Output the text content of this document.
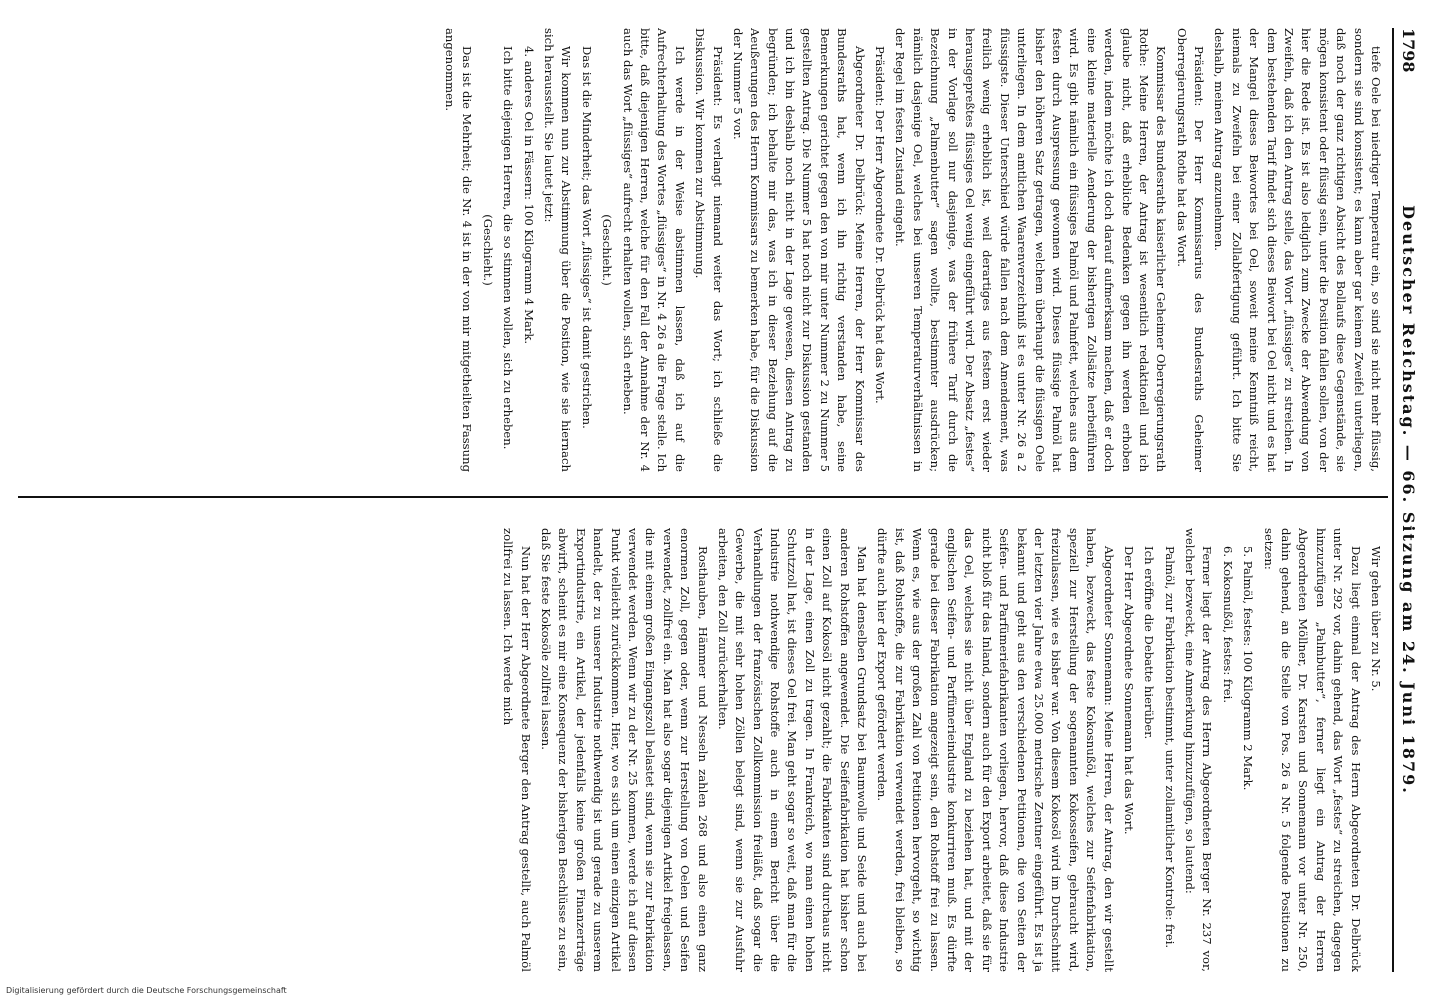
1798
Deutscher Reichstag. — 66. Sitzung am 24. Juni 1879.

tiefe Oele bei niedriger Temperatur ein, so sind sie nicht mehr flüssig, sondern sie sind konsistent; es kann aber gar keinem Zweifel unterliegen, daß noch der ganz richtigen Absicht des Bollaufs diese Gegenstände, sie mögen konsistent oder flüssig sein, unter die Position fallen sollen, von der hier die Rede ist. Es ist also lediglich zum Zwecke der Abwendung von Zweifeln, daß ich den Antrag stelle, das Wort „flüssiges“ zu streichen. In dem bestehenden Tarif findet sich dieses Beiwort bei Oel nicht und es hat der Mangel dieses Beiwortes bei Oel, soweit meine Kenntniß reicht, niemals zu Zweifeln bei einer Zollabfertigung geführt. Ich bitte Sie deshalb, meinen Antrag anzunehmen.

Präsident: Der Herr Kommissarius des Bundesraths Geheimer Oberregierungsrath Rothe hat das Wort.

Kommissar des Bundesraths kaiserlicher Geheimer Oberregierungsrath Rothe: Meine Herren, der Antrag ist wesentlich redaktionell und ich glaube nicht, daß erhebliche Bedenken gegen ihn werden erhoben werden, indem möchte ich doch darauf aufmerksam machen, daß er doch eine kleine materielle Aenderung der bisherigen Zollsätze herbeiführen wird. Es gibt nämlich ein flüssiges Palmöl und Palmfett, welches aus dem festen durch Auspressung gewonnen wird. Dieses flüssige Palmöl hat bisher den höheren Satz getragen, welchem überhaupt die flüssigen Oele unterliegen. In dem amtlichen Waarenverzeichniß ist es unter Nr. 26 a 2 flüssigste. Dieser Unterschied würde fallen nach dem Amendement, was freilich wenig erheblich ist, weil derartiges aus festem erst wieder herausgepreßtes flüssiges Oel wenig eingeführt wird. Der Absatz „festes“ in der Vorlage soll nur dasjenige, was der frühere Tarif durch die Bezeichnung „Palmenbutter“ sagen wollte, bestimmter ausdrücken; nämlich dasjenige Oel, welches bei unseren Temperaturverhältnissen in der Regel im festen Zustand eingeht.

Präsident: Der Herr Abgeordnete Dr. Delbrück hat das Wort.

Abgeordneter Dr. Delbrück: Meine Herren, der Herr Kommissar des Bundesraths hat, wenn ich ihn richtig verstanden habe, seine Bemerkungen gerichtet gegen den von mir unter Nummer 2 zu Nummer 5 gestellten Antrag. Die Nummer 5 hat noch nicht zur Diskussion gestanden und ich bin deshalb noch nicht in der Lage gewesen, diesen Antrag zu begründen; ich behalte mir das, was ich in dieser Beziehung auf die Aeußerungen des Herrn Kommissars zu bemerken habe, für die Diskussion der Nummer 5 vor.

Präsident: Es verlangt niemand weiter das Wort; ich schließe die Diskussion. Wir kommen zur Abstimmung.

Ich werde in der Weise abstimmen lassen, daß ich auf die Aufrechterhaltung des Wortes „flüssiges“ in Nr. 4 26 a die Frage stelle. Ich bitte, daß diejenigen Herren, welche für den Fall der Annahme der Nr. 4 auch das Wort „flüssiges“ aufrecht erhalten wollen, sich erheben.

(Geschieht.)

Das ist die Minderheit; das Wort „flüssiges“ ist damit gestrichen.

Wir kommen nun zur Abstimmung über die Position, wie sie hiernach sich herausstellt. Sie lautet jetzt:

4. anderes Oel in Fässern: 100 Kilogramm 4 Mark.

Ich bitte diejenigen Herren, die so stimmen wollen, sich zu erheben.

(Geschieht.)

Das ist die Mehrheit; die Nr. 4 ist in der von mir mitgetheilten Fassung angenommen.

Wir gehen über zu Nr. 5.

Dazu liegt einmal der Antrag des Herrn Abgeordneten Dr. Delbrück unter Nr. 292 vor, dahin gehend, das Wort „festes“ zu streichen, dagegen hinzuzufügen „Palmbutter“, ferner liegt ein Antrag der Herren Abgeordneten Möllner, Dr. Karsten und Sonnemann vor unter Nr. 250, dahin gehend, an die Stelle von Pos. 26 a Nr. 5 folgende Positionen zu setzen:

5. Palmöl, festes: 100 Kilogramm 2 Mark.

6. Kokosnußöl, festes: frei.

Ferner liegt der Antrag des Herrn Abgeordneten Berger Nr. 237 vor, welcher bezweckt, eine Anmerkung hinzuzufügen, so lautend:

Palmöl, zur Fabrikation bestimmt, unter zollamtlicher Kontrole: frei.

Ich eröffne die Debatte hierüber.

Der Herr Abgeordnete Sonnemann hat das Wort.

Abgeordneter Sonnemann: Meine Herren, der Antrag, den wir gestellt haben, bezweckt, das feste Kokosnußöl, welches zur Seifenfabrikation, speziell zur Herstellung der sogenannten Kokosseifen, gebraucht wird, freizulassen, wie es bisher war. Von diesem Kokosöl wird im Durchschnitt der letzten vier Jahre etwa 25.000 metrische Zentner eingeführt. Es ist ja bekannt und geht aus den verschiedenen Petitionen, die von Seiten der Seifen- und Parfümeriefabrikanten vorliegen, hervor, daß diese Industrie nicht bloß für das Inland, sondern auch für den Export arbeitet, daß sie für das Oel, welches sie nicht über England zu beziehen hat, und mit der englischen Seifen- und Parfümerieindustrie konkurriren muß. Es dürfte gerade bei dieser Fabrikation angezeigt sein, den Rohstoff frei zu lassen. Wenn es, wie aus der großen Zahl von Petitionen hervorgeht, so wichtig ist, daß Rohstoffe, die zur Fabrikation verwendet werden, frei bleiben, so dürfte auch hier der Export gefördert werden.

Man hat denselben Grundsatz bei Baumwolle und Seide und auch bei anderen Rohstoffen angewendet. Die Seifenfabrikation hat bisher schon einen Zoll auf Kokosöl nicht gezahlt; die Fabrikanten sind durchaus nicht in der Lage, einen Zoll zu tragen. In Frankreich, wo man einen hohen Schutzzoll hat, ist dieses Oel frei. Man geht sogar so weit, daß man für die Industrie nothwendige Rohstoffe auch in einem Bericht über die Verhandlungen der französischen Zollkommission freiläßt, daß sogar die Gewerbe, die mit sehr hohen Zöllen belegt sind, wenn sie zur Ausfuhr arbeiten, den Zoll zurückerhalten.

Rosthauben, Hämmer und Nesseln zahlen 268 und also einen ganz enormen Zoll, gegen oder, wenn zur Herstellung von Oelen und Seifen verwendet, zollfrei ein. Man hat also sogar diejenigen Artikel freigelassen, die mit einem großen Eingangszoll belastet sind, wenn sie zur Fabrikation verwendet werden. Wenn wir zu der Nr. 25 kommen, werde ich auf diesen Punkt vielleicht zurückkommen. Hier, wo es sich um einen einzigen Artikel handelt, der zu unserer Industrie nothwendig ist und gerade zu unserem Exportindustrie, ein Artikel, der jedenfalls keine großen Finanzerträge abwirft, scheint es mir eine Konsequenz der bisherigen Beschlüsse zu sein, daß Sie feste Kokosöle zollfrei lassen.

Nun hat der Herr Abgeordnete Berger den Antrag gestellt, auch Palmöl zollfrei zu lassen. Ich werde mich

Digitalisierung gefördert durch die Deutsche Forschungsgemeinschaft
